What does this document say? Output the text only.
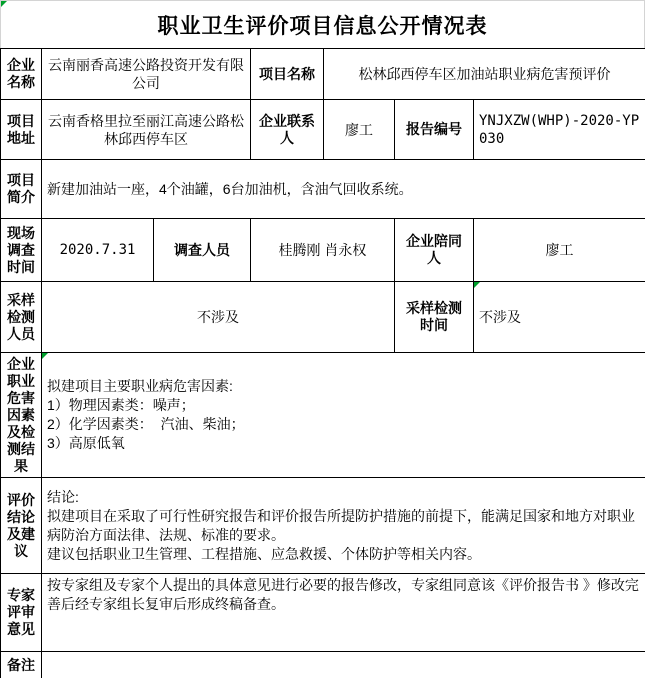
职业卫生评价项目信息公开情况表
企业名称	云南丽香高速公路投资开发有限公司		项目名称	松林邱西停车区加油站职业病危害预评价		
项目地址	云南香格里拉至丽江高速公路松林邱西停车区		企业联系人	廖工	报告编号	YNJXZW(WHP)-2020-YP030
项目简介	新建加油站一座，4个油罐，6台加油机，含油气回收系统。					
现场调查时间	2020.7.31	调查人员	桂腾刚 肖永权		企业陪同人	廖工
采样检测人员	不涉及				采样检测时间	不涉及
企业职业危害因素及检测结果	拟建项目主要职业病危害因素:
1）物理因素类：噪声；
2）化学因素类：  汽油、柴油；
3）高原低氧					

评价结论及建议	结论:
拟建项目在采取了可行性研究报告和评价报告所提防护措施的前提下，能满足国家和地方对职业病防治方面法律、法规、标准的要求。
建议包括职业卫生管理、工程措施、应急救援、个体防护等相关内容。					

专家评审意见	按专家组及专家个人提出的具体意见进行必要的报告修改，专家组同意该《评价报告书 》修改完善后经专家组长复审后形成终稿备查。					

备注						
